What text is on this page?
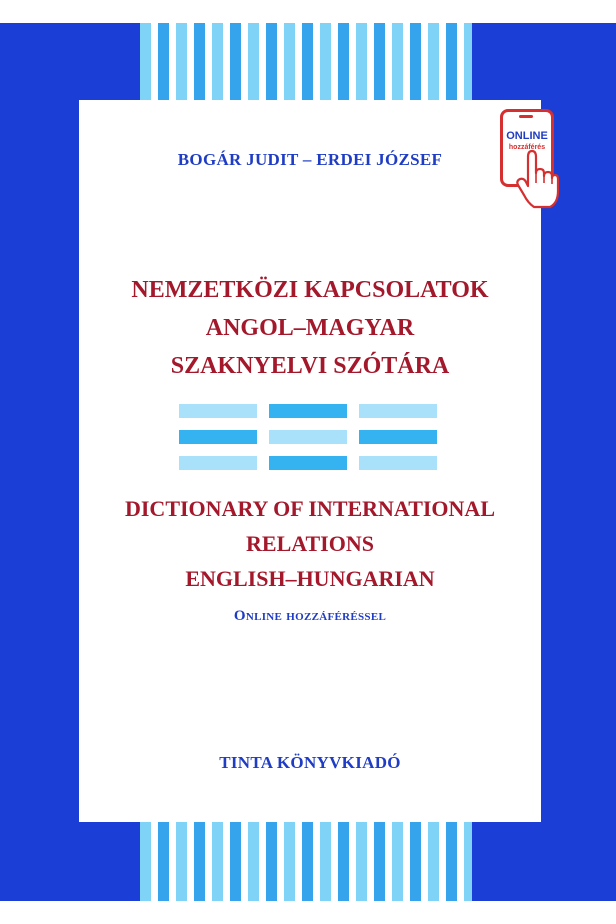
BOGÁR JUDIT – ERDEI JÓZSEF
NEMZETKÖZI KAPCSOLATOK
ANGOL–MAGYAR
SZAKNYELVI SZÓTÁRA
DICTIONARY OF INTERNATIONAL
RELATIONS
ENGLISH–HUNGARIAN
Online hozzáféréssel
TINTA KÖNYVKIADÓ
ONLINE
hozzáférés
